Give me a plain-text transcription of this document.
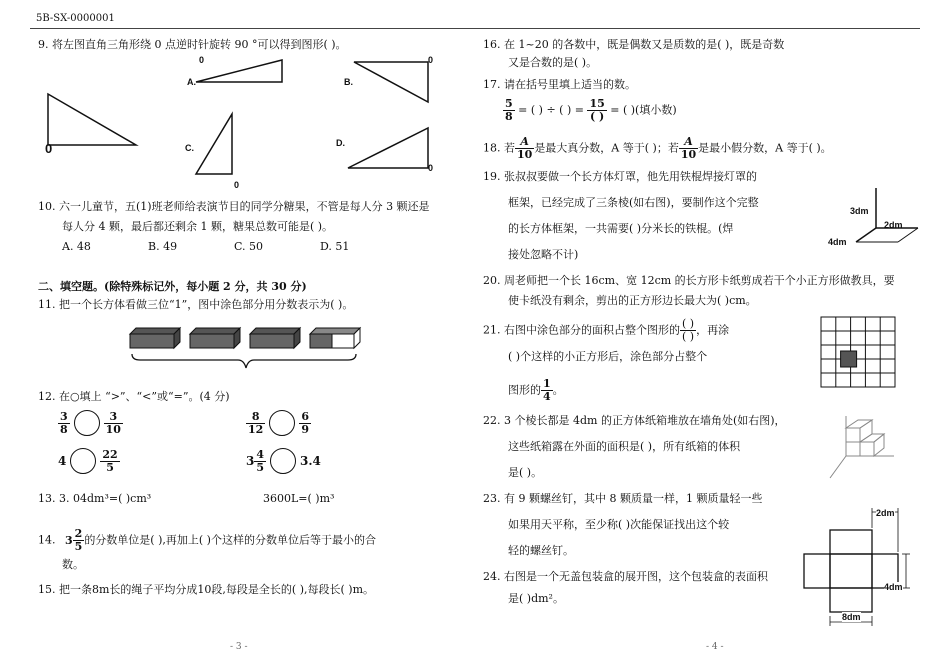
5B-SX-0000001
9. 将左图直角三角形绕 0 点逆时针旋转 90 °可以得到图形( )。
0
A.
0
B.
0
C.
0
D.
0
10. 六一儿童节，五(1)班老师给表演节目的同学分糖果，不管是每人分 3 颗还是
每人分 4 颗，最后都还剩余 1 颗，糖果总数可能是( )。
A. 48	B. 49	C. 50	D. 51
二、填空题。(除特殊标记外，每小题 2 分，共 30 分)
11. 把一个长方体看做三位“1”，图中涂色部分用分数表示为( )。
12. 在○填上 “>”、“<”或“=”。(4 分)
$\frac{3}{8}$	$\frac{3}{10}$	$\frac{8}{12}$	$\frac{6}{9}$
4	$\frac{22}{5}$	$3 \frac{4}{5}$	3.4
13. 3. 04dm³=( )cm³	3600L=( )m³
14. $3 \frac{2}{5}$ 的分数单位是( ),再加上( )个这样的分数单位后等于最小的合
数。
15. 把一条8m长的绳子平均分成10段,每段是全长的( ),每段长( )m。
- 3 -
16. 在 1~20 的各数中，既是偶数又是质数的是( )，既是奇数
又是合数的是( )。
17. 请在括号里填上适当的数。
$\frac{5}{8}$ = ( ) ÷ ( ) = $\frac{15}{( )}$ = ( )(填小数)
18. 若 $\frac{A}{10}$ 是最大真分数，A 等于( )；若 $\frac{A}{10}$ 是最小假分数，A 等于( )。
19. 张叔叔要做一个长方体灯罩，他先用铁棍焊接灯罩的
框架，已经完成了三条棱(如右图)，要制作这个完整
的长方体框架，一共需要( )分米长的铁棍。(焊
接处忽略不计)
3dm
2dm
4dm
20. 周老师把一个长 16cm、宽 12cm 的长方形卡纸剪成若干个小正方形做教具，要
使卡纸没有剩余，剪出的正方形边长最大为( )cm。
21. 右图中涂色部分的面积占整个图形的 $\frac{( )}{( )}$ ，再涂
( )个这样的小正方形后，涂色部分占整个
图形的 $\frac{1}{4}$ 。
22. 3 个棱长都是 4dm 的正方体纸箱堆放在墙角处(如右图)，
这些纸箱露在外面的面积是( )，所有纸箱的体积
是( )。
23. 有 9 颗螺丝钉，其中 8 颗质量一样，1 颗质量轻一些
如果用天平称，至少称( )次能保证找出这个较
轻的螺丝钉。
24. 右图是一个无盖包装盒的展开图，这个包装盒的表面积
是( )dm²。
2dm
4dm
8dm
- 4 -
